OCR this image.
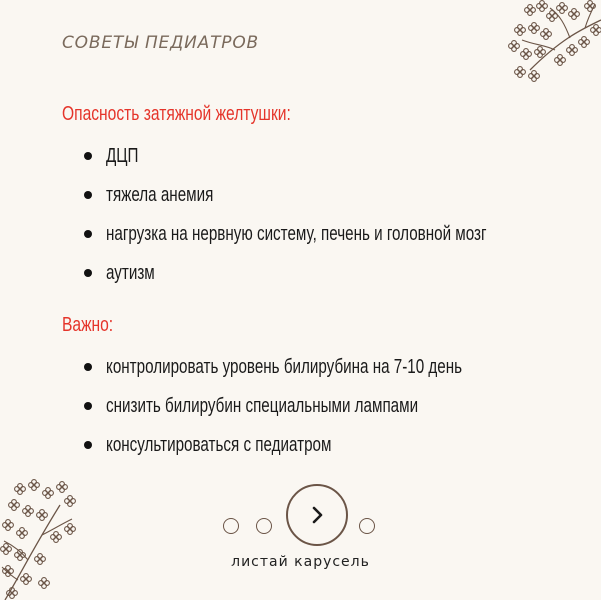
СОВЕТЫ ПЕДИАТРОВ
Опасность затяжной желтушки:
ДЦП
тяжела анемия
нагрузка на нервную систему, печень и головной мозг
аутизм
Важно:
контролировать уровень билирубина на 7-10 день
снизить билирубин специальными лампами
консультироваться с педиатром
листай карусель
